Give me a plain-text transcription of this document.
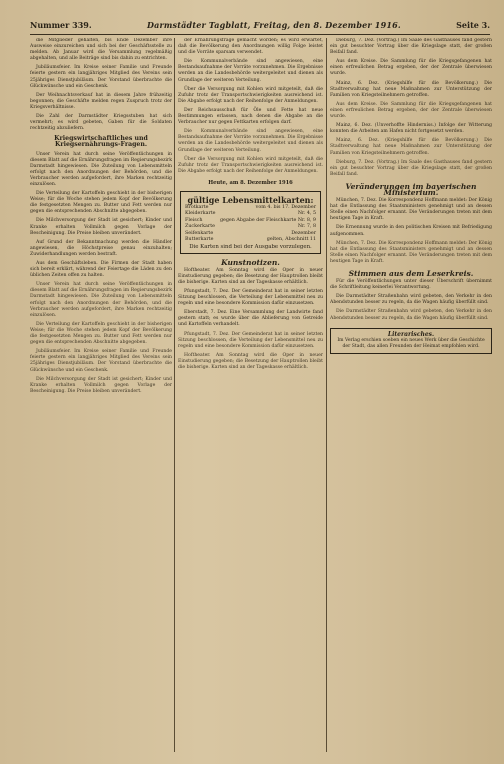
Nummer 339.	Darmstädter Tagblatt, Freitag, den 8. Dezember 1916.	Seite 3.

die Mitglieder gehalten, bis Ende Dezember ihre Ausweise einzureichen und sich bei der Geschäftsstelle zu melden. Ab Januar wird die Versammlung regelmäßig abgehalten, und alle Beiträge sind bis dahin zu entrichten.

Jubiläumsfeier. Im Kreise seiner Familie und Freunde feierte gestern ein langjähriges Mitglied des Vereins sein 25jähriges Dienstjubiläum. Der Vorstand überbrachte die Glückwünsche und ein Geschenk.

Der Weihnachtsverkauf hat in diesem Jahre frühzeitig begonnen; die Geschäfte melden regen Zuspruch trotz der Kriegsverhältnisse.

Die Zahl der Darmstädter Kriegsstuben hat sich vermehrt; es wird gebeten, Gaben für die Soldaten rechtzeitig abzuliefern.

Kriegswirtschaftliches und Kriegsernährungs-Fragen.

Unser Verein hat durch seine Veröffentlichungen in diesem Blatt auf die Ernährungsfragen im Regierungsbezirk Darmstadt hingewiesen. Die Zuteilung von Lebensmitteln erfolgt nach den Anordnungen der Behörden, und die Verbraucher werden aufgefordert, ihre Marken rechtzeitig einzulösen.

Die Verteilung der Kartoffeln geschieht in der bisherigen Weise; für die Woche stehen jedem Kopf der Bevölkerung die festgesetzten Mengen zu. Butter und Fett werden nur gegen die entsprechenden Abschnitte abgegeben.

Die Milchversorgung der Stadt ist gesichert; Kinder und Kranke erhalten Vollmilch gegen Vorlage der Bescheinigung. Die Preise bleiben unverändert.

Auf Grund der Bekanntmachung werden die Händler angewiesen, die Höchstpreise genau einzuhalten; Zuwiderhandlungen werden bestraft.

Aus dem Geschäftsleben. Die Firmen der Stadt haben sich bereit erklärt, während der Feiertage die Läden zu den üblichen Zeiten offen zu halten.

Unser Verein hat durch seine Veröffentlichungen in diesem Blatt auf die Ernährungsfragen im Regierungsbezirk Darmstadt hingewiesen. Die Zuteilung von Lebensmitteln erfolgt nach den Anordnungen der Behörden, und die Verbraucher werden aufgefordert, ihre Marken rechtzeitig einzulösen.

Die Verteilung der Kartoffeln geschieht in der bisherigen Weise; für die Woche stehen jedem Kopf der Bevölkerung die festgesetzten Mengen zu. Butter und Fett werden nur gegen die entsprechenden Abschnitte abgegeben.

Jubiläumsfeier. Im Kreise seiner Familie und Freunde feierte gestern ein langjähriges Mitglied des Vereins sein 25jähriges Dienstjubiläum. Der Vorstand überbrachte die Glückwünsche und ein Geschenk.

Die Milchversorgung der Stadt ist gesichert; Kinder und Kranke erhalten Vollmilch gegen Vorlage der Bescheinigung. Die Preise bleiben unverändert.

der Ernährungsfrage gemacht worden; es wird erwartet, daß die Bevölkerung den Anordnungen willig Folge leistet und die Vorräte sparsam verwendet.

Die Kommunalverbände sind angewiesen, eine Bestandsaufnahme der Vorräte vorzunehmen. Die Ergebnisse werden an die Landesbehörde weitergeleitet und dienen als Grundlage der weiteren Verteilung.

Über die Versorgung mit Kohlen wird mitgeteilt, daß die Zufuhr trotz der Transportschwierigkeiten ausreichend ist. Die Abgabe erfolgt nach der Reihenfolge der Anmeldungen.

Der Reichsausschuß für Öle und Fette hat neue Bestimmungen erlassen, nach denen die Abgabe an die Verbraucher nur gegen Fettkarten erfolgen darf.

Die Kommunalverbände sind angewiesen, eine Bestandsaufnahme der Vorräte vorzunehmen. Die Ergebnisse werden an die Landesbehörde weitergeleitet und dienen als Grundlage der weiteren Verteilung.

Über die Versorgung mit Kohlen wird mitgeteilt, daß die Zufuhr trotz der Transportschwierigkeiten ausreichend ist. Die Abgabe erfolgt nach der Reihenfolge der Anmeldungen.

Heute, am 8. Dezember 1916
gültige Lebensmittelkarten:
Brotkarte	vom 4. bis 17. Dezember
Kleiderkarte	Nr. 4, 5
Fleisch	gegen Abgabe der Fleischkarte Nr. 8, 9
Zuckerkarte	Nr. 7, 8
Seifenkarte	Dezember
Butterkarte	gelten, Abschnitt 11
Die Karten sind bei der Ausgabe vorzulegen.
Kunstnotizen.

Hoftheater. Am Sonntag wird die Oper in neuer Einstudierung gegeben; die Besetzung der Hauptrollen bleibt die bisherige. Karten sind an der Tageskasse erhältlich.

Pfungstadt, 7. Dez. Der Gemeinderat hat in seiner letzten Sitzung beschlossen, die Verteilung der Lebensmittel neu zu regeln und eine besondere Kommission dafür einzusetzen.

Eberstadt, 7. Dez. Eine Versammlung der Landwirte fand gestern statt; es wurde über die Ablieferung von Getreide und Kartoffeln verhandelt.

Pfungstadt, 7. Dez. Der Gemeinderat hat in seiner letzten Sitzung beschlossen, die Verteilung der Lebensmittel neu zu regeln und eine besondere Kommission dafür einzusetzen.

Hoftheater. Am Sonntag wird die Oper in neuer Einstudierung gegeben; die Besetzung der Hauptrollen bleibt die bisherige. Karten sind an der Tageskasse erhältlich.

Dieburg, 7. Dez. (Vortrag.) Im Saale des Gasthauses fand gestern ein gut besuchter Vortrag über die Kriegslage statt, der großen Beifall fand.

Aus dem Kreise. Die Sammlung für die Kriegsgefangenen hat einen erfreulichen Betrag ergeben, der der Zentrale überwiesen wurde.

Mainz, 6. Dez. (Kriegshilfe für die Bevölkerung.) Die Stadtverwaltung hat neue Maßnahmen zur Unterstützung der Familien von Kriegsteilnehmern getroffen.

Aus dem Kreise. Die Sammlung für die Kriegsgefangenen hat einen erfreulichen Betrag ergeben, der der Zentrale überwiesen wurde.

Mainz, 6. Dez. (Unverhoffte Hinderniss.) Infolge der Witterung konnten die Arbeiten am Hafen nicht fortgesetzt werden.

Mainz, 6. Dez. (Kriegshilfe für die Bevölkerung.) Die Stadtverwaltung hat neue Maßnahmen zur Unterstützung der Familien von Kriegsteilnehmern getroffen.

Dieburg, 7. Dez. (Vortrag.) Im Saale des Gasthauses fand gestern ein gut besuchter Vortrag über die Kriegslage statt, der großen Beifall fand.

Veränderungen im bayerischen Ministerium.

München, 7. Dez. Die Korrespondenz Hoffmann meldet: Der König hat die Entlassung des Staatsministers genehmigt und an dessen Stelle einen Nachfolger ernannt. Die Veränderungen treten mit dem heutigen Tage in Kraft.

Die Ernennung wurde in den politischen Kreisen mit Befriedigung aufgenommen.

München, 7. Dez. Die Korrespondenz Hoffmann meldet: Der König hat die Entlassung des Staatsministers genehmigt und an dessen Stelle einen Nachfolger ernannt. Die Veränderungen treten mit dem heutigen Tage in Kraft.

Stimmen aus dem Leserkreis.

Für die Veröffentlichungen unter dieser Überschrift übernimmt die Schriftleitung keinerlei Verantwortung.

Die Darmstädter Straßenbahn wird gebeten, den Verkehr in den Abendstunden besser zu regeln, da die Wagen häufig überfüllt sind.

Die Darmstädter Straßenbahn wird gebeten, den Verkehr in den Abendstunden besser zu regeln, da die Wagen häufig überfüllt sind.

Literarisches.
Im Verlag erschien soeben ein neues Werk über die Geschichte der Stadt, das allen Freunden der Heimat empfohlen wird.
